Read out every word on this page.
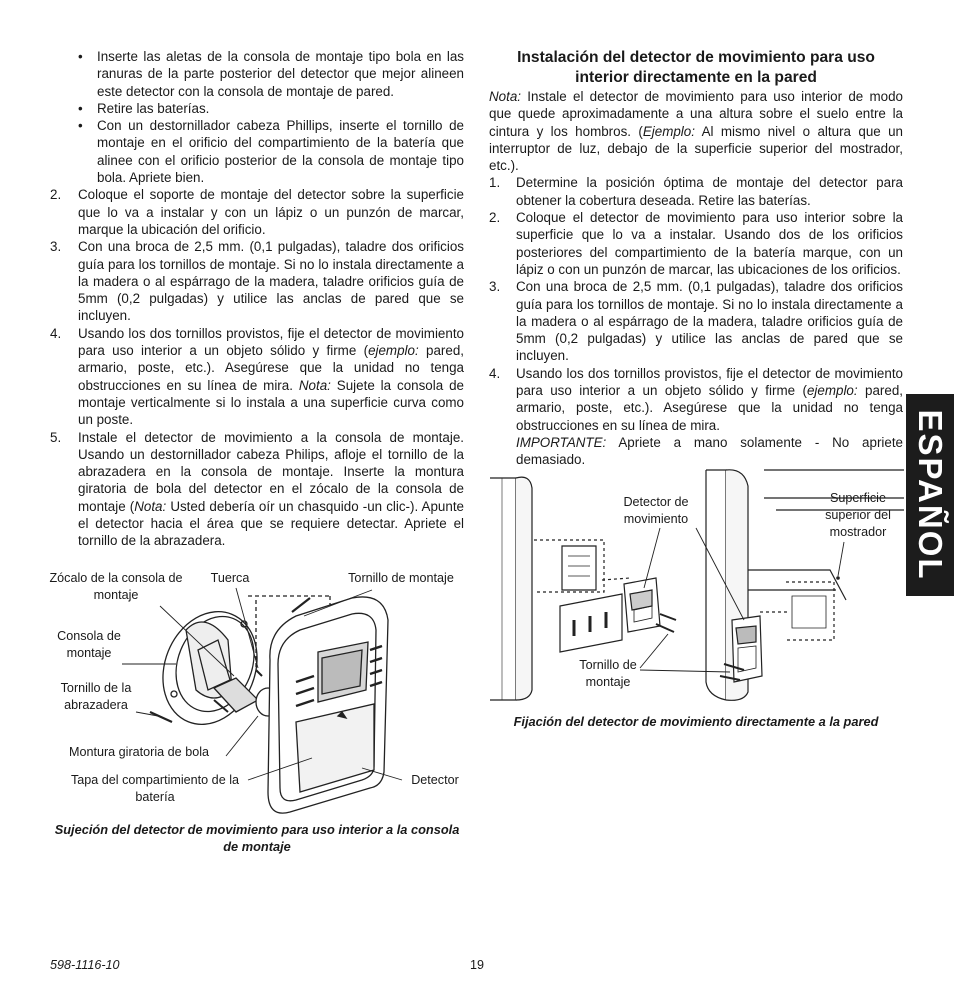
• Inserte las aletas de la consola de montaje tipo bola en las ranuras de la parte posterior del detector que mejor alineen este detector con la consola de montaje de pared.
• Retire las baterías.
• Con un destornillador cabeza Phillips, inserte el tornillo de montaje en el orificio del compartimiento de la batería que alinee con el orificio posterior de la consola de montaje tipo bola. Apriete bien.
2. Coloque el soporte de montaje del detector sobre la superficie que lo va a instalar y con un lápiz o un punzón de marcar, marque la ubicación del orificio.
3. Con una broca de 2,5 mm. (0,1 pulgadas), taladre dos orificios guía para los tornillos de montaje. Si no lo instala directamente a la madera o al espárrago de la madera, taladre orificios guía de 5mm (0,2 pulgadas) y utilice las anclas de pared que se incluyen.
4. Usando los dos tornillos provistos, fije el detector de movimiento para uso interior a un objeto sólido y firme (ejemplo: pared, armario, poste, etc.). Asegúrese que la unidad no tenga obstrucciones en su línea de mira. Nota: Sujete la consola de montaje verticalmente si lo instala a una superficie curva como un poste.
5. Instale el detector de movimiento a la consola de montaje. Usando un destornillador cabeza Philips, afloje el tornillo de la abrazadera en la consola de montaje. Inserte la montura giratoria de bola del detector en el zócalo de la consola de montaje (Nota: Usted debería oír un chasquido -un clic-). Apunte el detector hacia el área que se requiere detectar. Apriete el tornillo de la abrazadera.
Zócalo de la consola de montaje
Tuerca	Tornillo de montaje
Consola de montaje
Tornillo de la abrazadera
Montura giratoria de bola
Tapa del compartimiento de la batería
Detector
Sujeción del detector de movimiento para uso interior a la consola de montaje
Instalación del detector de movimiento para uso interior directamente en la pared
Nota: Instale el detector de movimiento para uso interior de modo que quede aproximadamente a una altura sobre el suelo entre la cintura y los hombros. (Ejemplo: Al mismo nivel o altura que un interruptor de luz, debajo de la superficie superior del mostrador, etc.).
1. Determine la posición óptima de montaje del detector para obtener la cobertura deseada. Retire las baterías.
2. Coloque el detector de movimiento para uso interior sobre la superficie que lo va a instalar. Usando dos de los orificios posteriores del compartimiento de la batería marque, con un lápiz o con un punzón de marcar, las ubicaciones de los orificios.
3. Con una broca de 2,5 mm. (0,1 pulgadas), taladre dos orificios guía para los tornillos de montaje. Si no lo instala directamente a la madera o al espárrago de la madera, taladre orificios guía de 5mm (0,2 pulgadas) y utilice las anclas de pared que se incluyen.
4. Usando los dos tornillos provistos, fije el detector de movimiento para uso interior a un objeto sólido y firme (ejemplo: pared, armario, poste, etc.). Asegúrese que la unidad no tenga obstrucciones en su línea de mira.
IMPORTANTE: Apriete a mano solamente - No apriete demasiado.
Detector de movimiento
Superficie superior del mostrador
Tornillo de montaje
Fijación del detector de movimiento directamente a la pared
ESPAÑOL
598-1116-10	19
